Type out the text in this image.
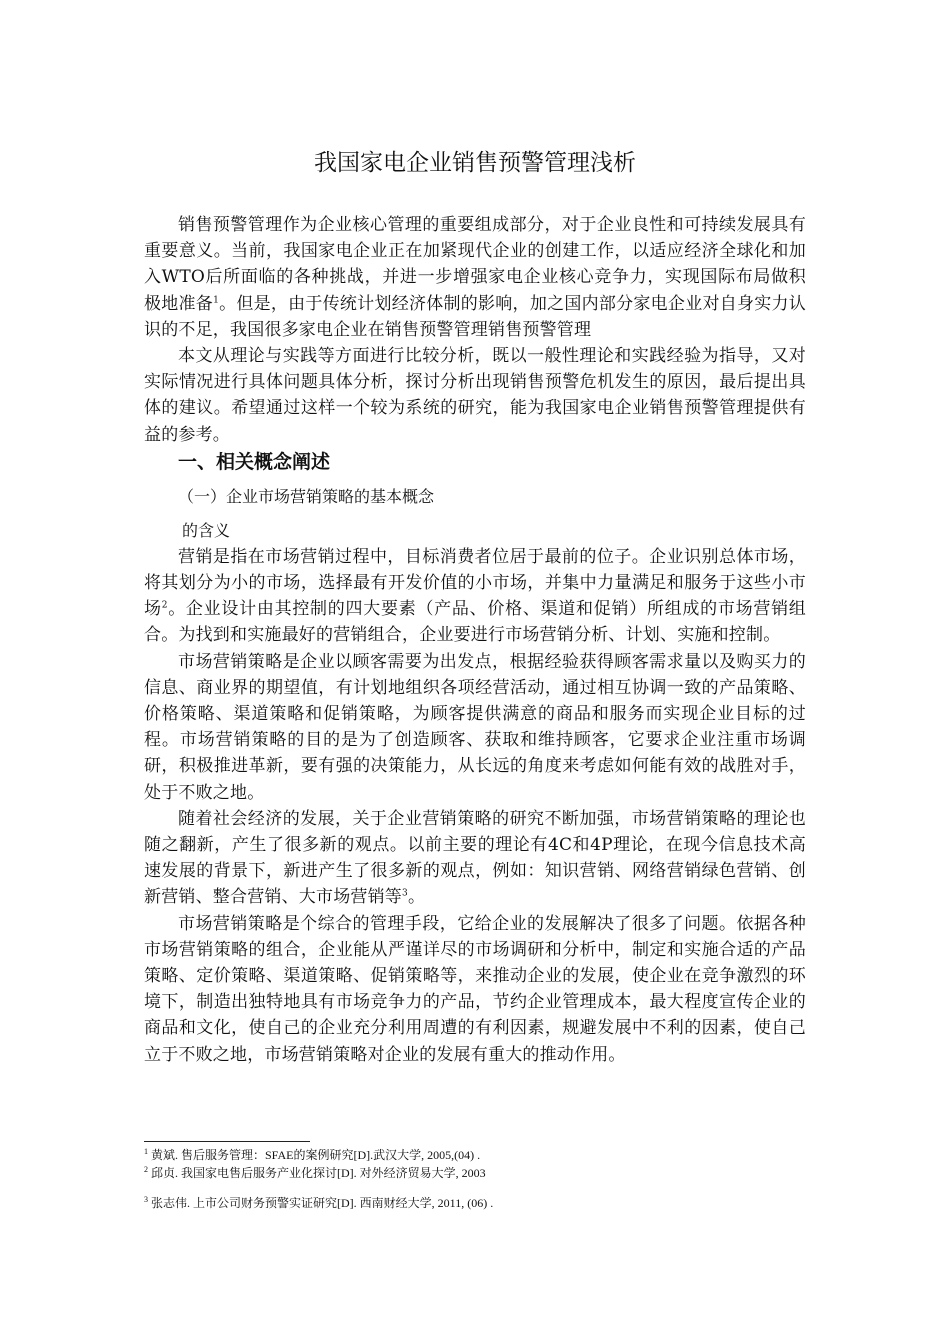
我国家电企业销售预警管理浅析

销售预警管理作为企业核心管理的重要组成部分，对于企业良性和可持续发展具有重要意义。当前，我国家电企业正在加紧现代企业的创建工作，以适应经济全球化和加入WTO后所面临的各种挑战，并进一步增强家电企业核心竞争力，实现国际布局做积极地准备$^1$。但是，由于传统计划经济体制的影响，加之国内部分家电企业对自身实力认识的不足，我国很多家电企业在销售预警管理销售预警管理

本文从理论与实践等方面进行比较分析，既以一般性理论和实践经验为指导，又对实际情况进行具体问题具体分析，探讨分析出现销售预警危机发生的原因，最后提出具体的建议。希望通过这样一个较为系统的研究，能为我国家电企业销售预警管理提供有益的参考。

一、相关概念阐述
（一）企业市场营销策略的基本概念
的含义

营销是指在市场营销过程中，目标消费者位居于最前的位子。企业识别总体市场，将其划分为小的市场，选择最有开发价值的小市场，并集中力量满足和服务于这些小市场$^2$。企业设计由其控制的四大要素（产品、价格、渠道和促销）所组成的市场营销组合。为找到和实施最好的营销组合，企业要进行市场营销分析、计划、实施和控制。

市场营销策略是企业以顾客需要为出发点，根据经验获得顾客需求量以及购买力的信息、商业界的期望值，有计划地组织各项经营活动，通过相互协调一致的产品策略、价格策略、渠道策略和促销策略，为顾客提供满意的商品和服务而实现企业目标的过程。市场营销策略的目的是为了创造顾客、获取和维持顾客，它要求企业注重市场调研，积极推进革新，要有强的决策能力，从长远的角度来考虑如何能有效的战胜对手，处于不败之地。

随着社会经济的发展，关于企业营销策略的研究不断加强，市场营销策略的理论也随之翻新，产生了很多新的观点。以前主要的理论有4C和4P理论，在现今信息技术高速发展的背景下，新进产生了很多新的观点，例如：知识营销、网络营销绿色营销、创新营销、整合营销、大市场营销等$^3$。

市场营销策略是个综合的管理手段，它给企业的发展解决了很多了问题。依据各种市场营销策略的组合，企业能从严谨详尽的市场调研和分析中，制定和实施合适的产品策略、定价策略、渠道策略、促销策略等，来推动企业的发展，使企业在竞争激烈的环境下，制造出独特地具有市场竞争力的产品，节约企业管理成本，最大程度宣传企业的商品和文化，使自己的企业充分利用周遭的有利因素，规避发展中不利的因素，使自己立于不败之地，市场营销策略对企业的发展有重大的推动作用。

$^1$ 黄斌. 售后服务管理：SFAE的案例研究[D].武汉大学, 2005,(04) .

$^2$ 邱贞. 我国家电售后服务产业化探讨[D]. 对外经济贸易大学, 2003

$^3$ 张志伟. 上市公司财务预警实证研究[D]. 西南财经大学, 2011, (06) .
